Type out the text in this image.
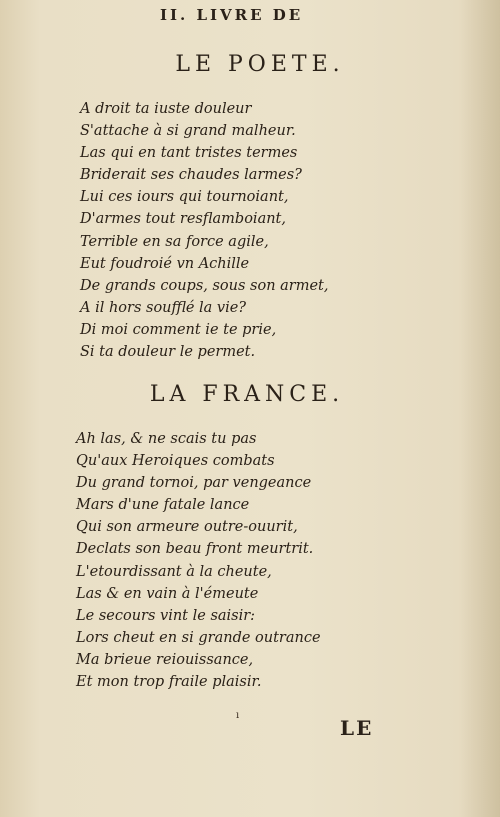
II. LIVRE DE
LE POETE.
A droit ta iuste douleur
S'attache à si grand malheur.
Las qui en tant tristes termes
Briderait ses chaudes larmes?
Lui ces iours qui tournoiant,
D'armes tout resflamboiant,
Terrible en sa force agile,
Eut foudroié vn Achille
De grands coups, sous son armet,
A il hors soufflé la vie?
Di moi comment ie te prie,
Si ta douleur le permet.
LA FRANCE.
Ah las, & ne scais tu pas
Qu'aux Heroiques combats
Du grand tornoi, par vengeance
Mars d'une fatale lance
Qui son armeure outre-ouurit,
Declats son beau front meurtrit.
L'etourdissant à la cheute,
Las & en vain à l'émeute
Le secours vint le saisir:
Lors cheut en si grande outrance
Ma brieue reiouissance,
Et mon trop fraile plaisir.
ı
LE
